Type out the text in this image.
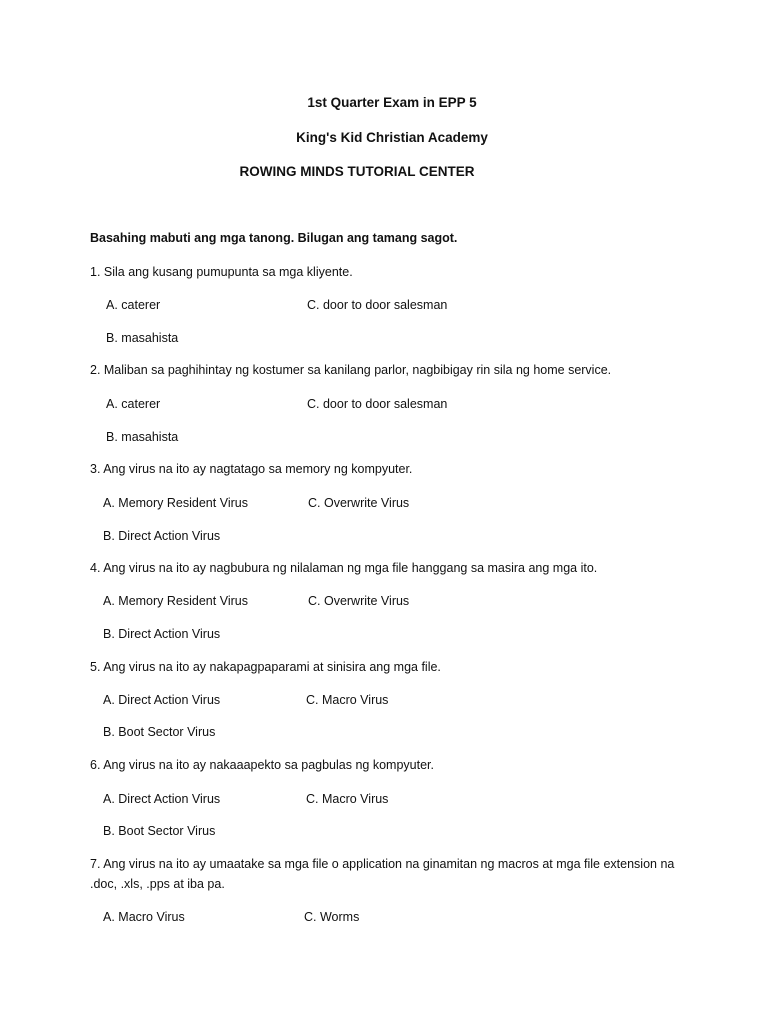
1st Quarter Exam in EPP 5
King's Kid Christian Academy
ROWING MINDS TUTORIAL CENTER
Basahing mabuti ang mga tanong. Bilugan ang tamang sagot.
1. Sila ang kusang pumupunta sa mga kliyente.
A. caterer	C. door to door salesman
B. masahista
2. Maliban sa paghihintay ng kostumer sa kanilang parlor, nagbibigay rin sila ng home service.
A. caterer	C. door to door salesman
B. masahista
3. Ang virus na ito ay nagtatago sa memory ng kompyuter.
A. Memory Resident Virus	C. Overwrite Virus
B. Direct Action Virus
4. Ang virus na ito ay nagbubura ng nilalaman ng mga file hanggang sa masira ang mga ito.
A. Memory Resident Virus	C. Overwrite Virus
B. Direct Action Virus
5. Ang virus na ito ay nakapagpaparami at sinisira ang mga file.
A. Direct Action Virus	C. Macro Virus
B. Boot Sector Virus
6. Ang virus na ito ay nakaaapekto sa pagbulas ng kompyuter.
A. Direct Action Virus	C. Macro Virus
B. Boot Sector Virus
7. Ang virus na ito ay umaatake sa mga file o application na ginamitan ng macros at mga file extension na .doc, .xls, .pps at iba pa.
A. Macro Virus	C. Worms
